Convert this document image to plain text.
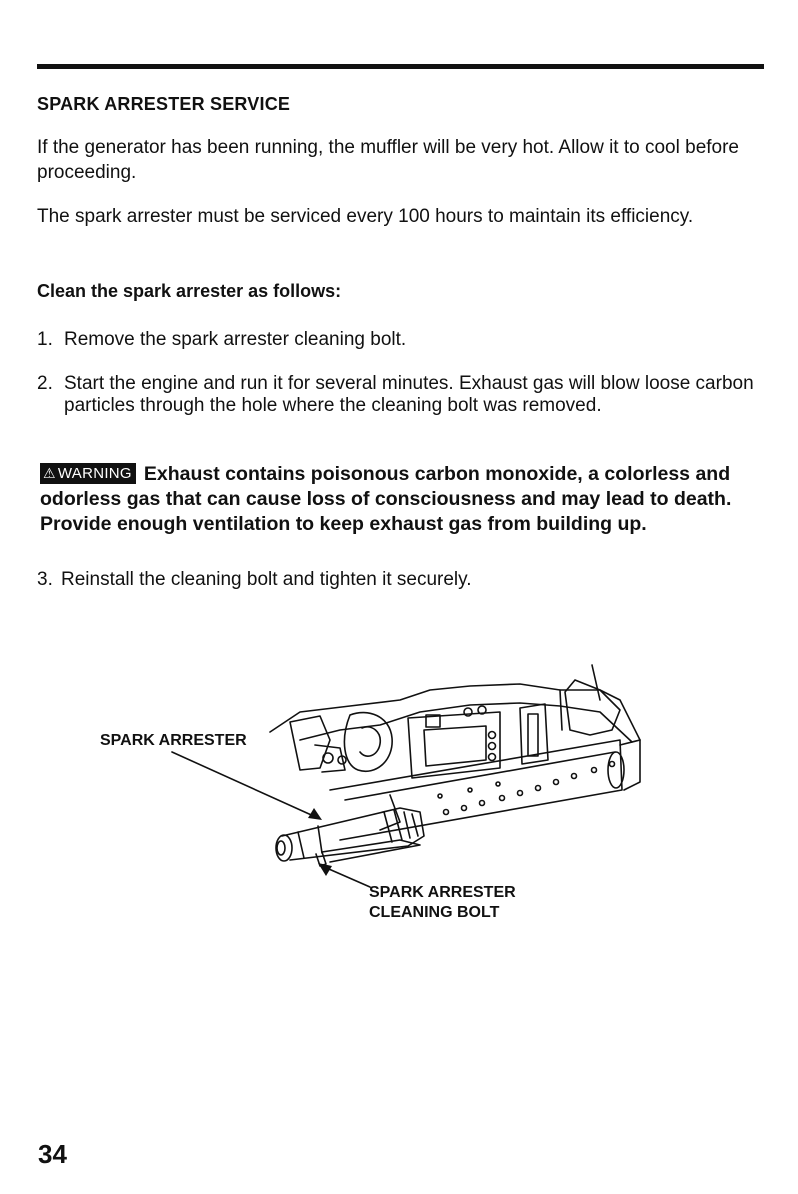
SPARK ARRESTER SERVICE
If the generator has been running, the muffler will be very hot. Allow it to cool before proceeding.
The spark arrester must be serviced every 100 hours to maintain its efficiency.
Clean the spark arrester as follows:
1. Remove the spark arrester cleaning bolt.
2. Start the engine and run it for several minutes. Exhaust gas will blow loose carbon particles through the hole where the cleaning bolt was removed.
⚠ WARNING Exhaust contains poisonous carbon monoxide, a colorless and odorless gas that can cause loss of consciousness and may lead to death. Provide enough ventilation to keep exhaust gas from building up.
3. Reinstall the cleaning bolt and tighten it securely.
SPARK ARRESTER
SPARK ARRESTER
CLEANING BOLT
34
